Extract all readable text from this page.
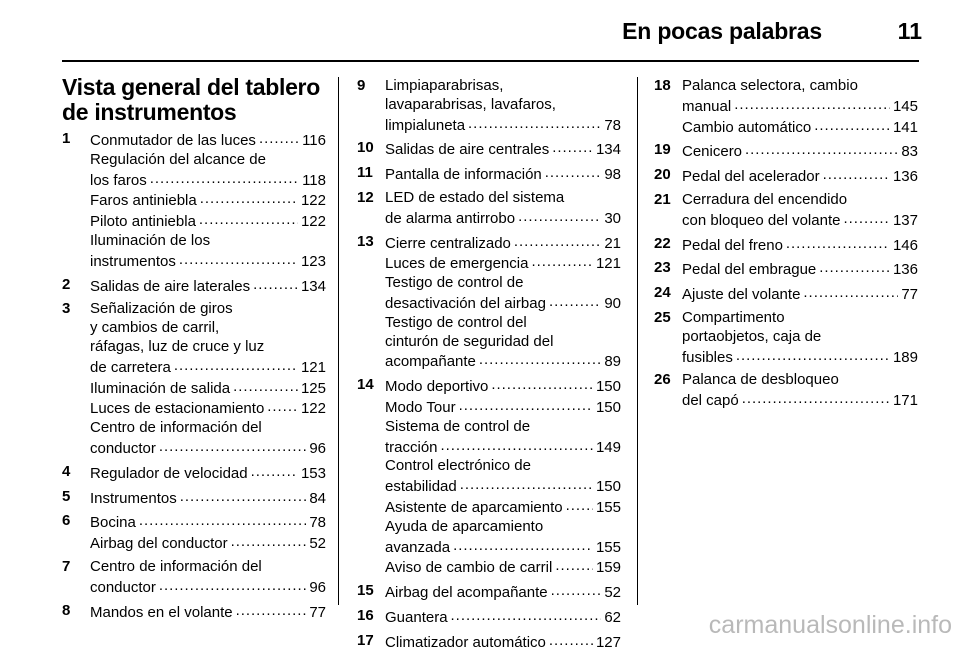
En pocas palabras	11
Vista general del tablero de instrumentos
1 Conmutador de las luces . . .	116
Regulación del alcance de
los faros . . .	118
Faros antiniebla . . .	122
Piloto antiniebla . . .	122
Iluminación de los
instrumentos . . .	123
2 Salidas de aire laterales . . .	134
3 Señalización de giros
y cambios de carril,
ráfagas, luz de cruce y luz
de carretera . . .	121
Iluminación de salida . . .	125
Luces de estacionamiento . . . 122
Centro de información del
conductor . . .	96
4 Regulador de velocidad . . .	153
5 Instrumentos . . .	84
6 Bocina . . .	78
Airbag del conductor . . .	52
7 Centro de información del
conductor . . .	96
8 Mandos en el volante . . .	77
9 Limpiaparabrisas,
lavaparabrisas, lavafaros,
limpialuneta . . .	78
10 Salidas de aire centrales . . .	134
11 Pantalla de información . . .	98
12 LED de estado del sistema
de alarma antirrobo . . .	30
13 Cierre centralizado . . .	21
Luces de emergencia . . .	121
Testigo de control de
desactivación del airbag . . .	90
Testigo de control del
cinturón de seguridad del
acompañante . . .	89
14 Modo deportivo . . .	150
Modo Tour . . .	150
Sistema de control de
tracción . . .	149
Control electrónico de
estabilidad . . .	150
Asistente de aparcamiento . . . 155
Ayuda de aparcamiento
avanzada . . .	155
Aviso de cambio de carril . . .	159
15 Airbag del acompañante . . .	52
16 Guantera . . .	62
17 Climatizador automático . . .	127
18 Palanca selectora, cambio
manual . . .	145
Cambio automático . . .	141
19 Cenicero . . .	83
20 Pedal del acelerador . . .	136
21 Cerradura del encendido
con bloqueo del volante . . .	137
22 Pedal del freno . . .	146
23 Pedal del embrague . . .	136
24 Ajuste del volante . . .	77
25 Compartimento
portaobjetos, caja de
fusibles . . .	189
26 Palanca de desbloqueo
del capó . . .	171
carmanualsonline.info
